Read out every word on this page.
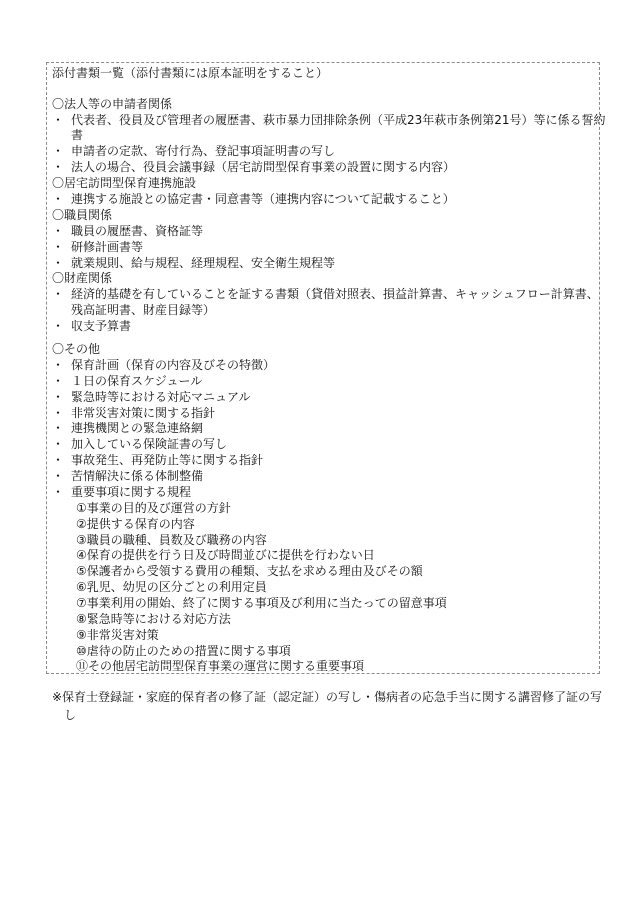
添付書類一覧（添付書類には原本証明をすること）
〇法人等の申請者関係
・ 代表者、役員及び管理者の履歴書、萩市暴力団排除条例（平成23年萩市条例第21号）等に係る誓約
書
・ 申請者の定款、寄付行為、登記事項証明書の写し
・ 法人の場合、役員会議事録（居宅訪問型保育事業の設置に関する内容）
〇居宅訪問型保育連携施設
・ 連携する施設との協定書・同意書等（連携内容について記載すること）
〇職員関係
・ 職員の履歴書、資格証等
・ 研修計画書等
・ 就業規則、給与規程、経理規程、安全衛生規程等
〇財産関係
・ 経済的基礎を有していることを証する書類（貸借対照表、損益計算書、キャッシュフロー計算書、
残高証明書、財産目録等）
・ 収支予算書
〇その他
・ 保育計画（保育の内容及びその特徴）
・ １日の保育スケジュール
・ 緊急時等における対応マニュアル
・ 非常災害対策に関する指針
・ 連携機関との緊急連絡網
・ 加入している保険証書の写し
・ 事故発生、再発防止等に関する指針
・ 苦情解決に係る体制整備
・ 重要事項に関する規程
①事業の目的及び運営の方針
②提供する保育の内容
③職員の職種、員数及び職務の内容
④保育の提供を行う日及び時間並びに提供を行わない日
⑤保護者から受領する費用の種類、支払を求める理由及びその額
⑥乳児、幼児の区分ごとの利用定員
⑦事業利用の開始、終了に関する事項及び利用に当たっての留意事項
⑧緊急時等における対応方法
⑨非常災害対策
⑩虐待の防止のための措置に関する事項
⑪その他居宅訪問型保育事業の運営に関する重要事項
※保育士登録証・家庭的保育者の修了証（認定証）の写し・傷病者の応急手当に関する講習修了証の写
し
